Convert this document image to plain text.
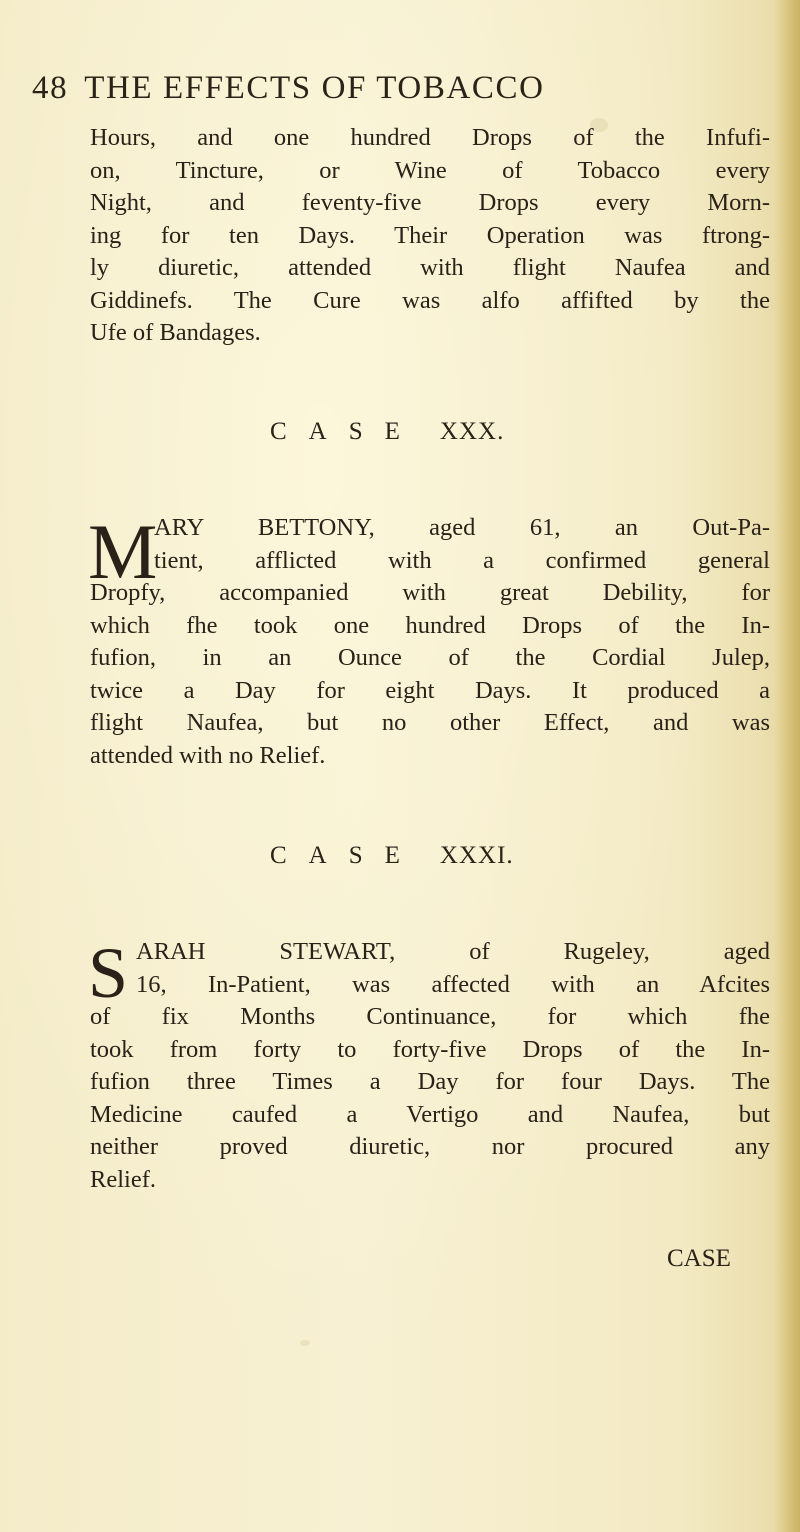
48 THE EFFECTS OF TOBACCO
Hours, and one hundred Drops of the Infufi-
on, Tincture, or Wine of Tobacco every
Night, and feventy-five Drops every Morn-
ing for ten Days. Their Operation was ftrong-
ly diuretic, attended with flight Naufea and
Giddinefs. The Cure was alfo affifted by the
Ufe of Bandages.
CASE XXX.
M
ARY BETTONY, aged 61, an Out-Pa-
tient, afflicted with a confirmed general
Dropfy, accompanied with great Debility, for
which fhe took one hundred Drops of the In-
fufion, in an Ounce of the Cordial Julep,
twice a Day for eight Days. It produced a
flight Naufea, but no other Effect, and was
attended with no Relief.
CASE XXXI.
S ARAH STEWART, of Rugeley, aged
16, In-Patient, was affected with an Afcites
of fix Months Continuance, for which fhe
took from forty to forty-five Drops of the In-
fufion three Times a Day for four Days. The
Medicine caufed a Vertigo and Naufea, but
neither proved diuretic, nor procured any
Relief.
CASE
